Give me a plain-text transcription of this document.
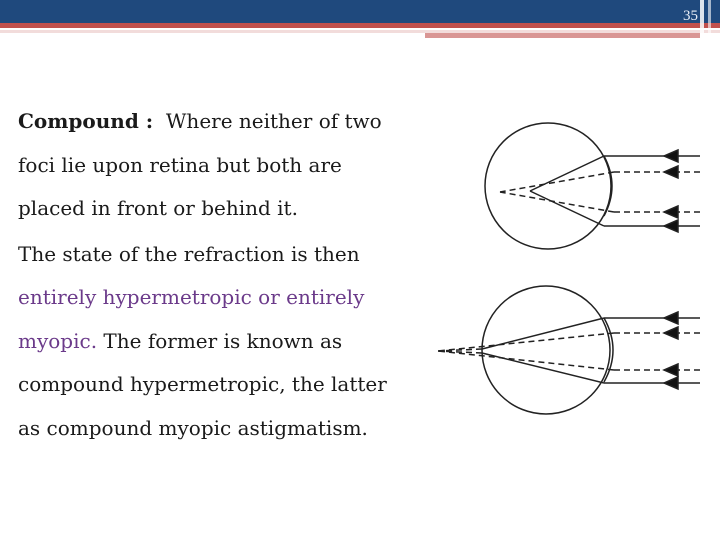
35

Compound : Where neither of two
foci lie upon retina but both are
placed in front or behind it.

The state of the refraction is then
entirely hypermetropic or entirely
myopic. The former is known as
compound hypermetropic, the latter
as compound myopic astigmatism.
